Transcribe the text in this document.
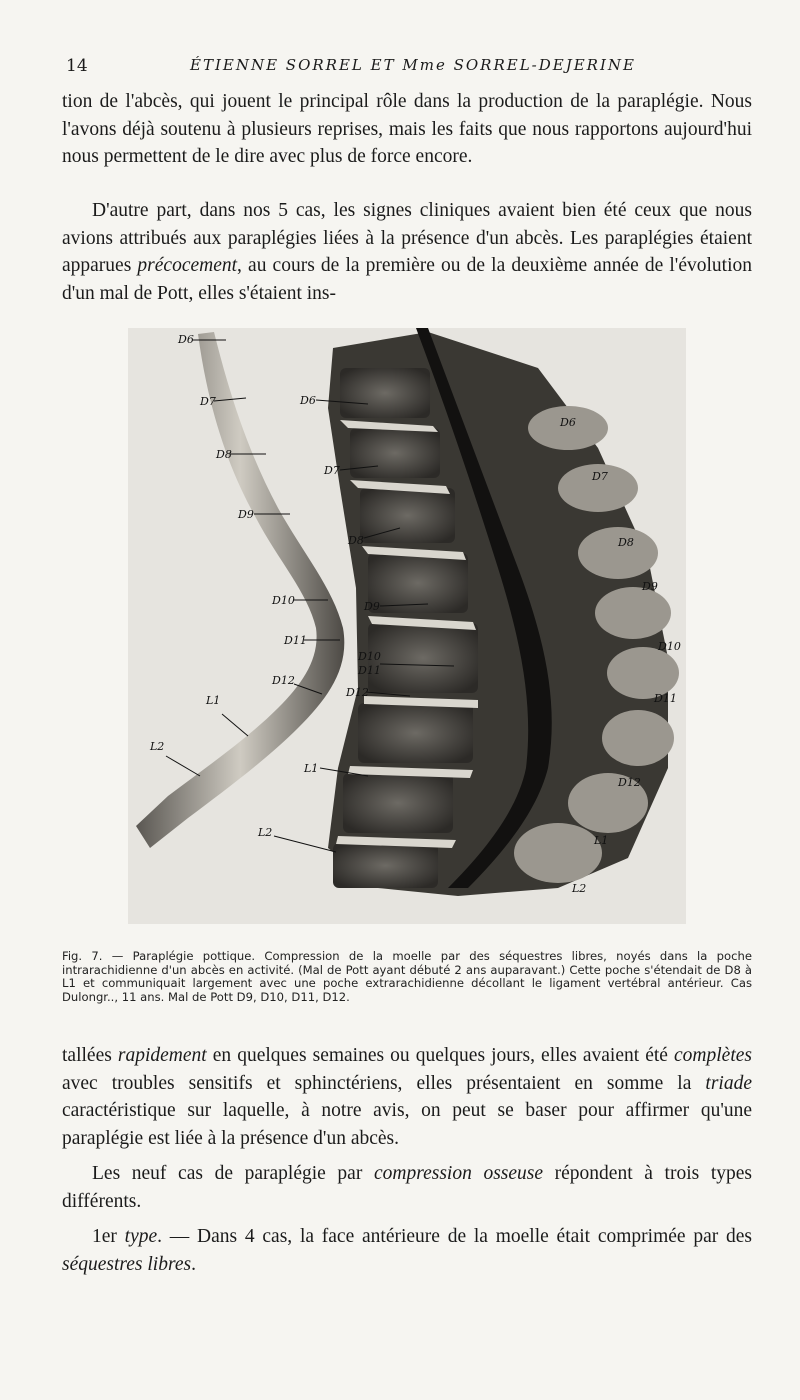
14	ÉTIENNE SORREL ET Mme SORREL-DEJERINE

tion de l'abcès, qui jouent le principal rôle dans la production de la paraplégie. Nous l'avons déjà soutenu à plusieurs reprises, mais les faits que nous rapportons aujourd'hui nous permettent de le dire avec plus de force encore.

D'autre part, dans nos 5 cas, les signes cliniques avaient bien été ceux que nous avions attribués aux paraplégies liées à la présence d'un abcès. Les paraplégies étaient apparues précocement, au cours de la première ou de la deuxième année de l'évolution d'un mal de Pott, elles s'étaient ins-

D6
D7
D8
D9
D10
D11
D12
L1
L2
D6
D7
D8
D9
D10
D11
D12
L1
L2
D6
D7
D8
D9
D10
D11
D12
L1
L2

Fig. 7. — Paraplégie pottique. Compression de la moelle par des séquestres libres, noyés dans la poche intrarachidienne d'un abcès en activité. (Mal de Pott ayant débuté 2 ans auparavant.) Cette poche s'étendait de D8 à L1 et communiquait largement avec une poche extrarachidienne décollant le ligament vertébral antérieur. Cas Dulongr.., 11 ans. Mal de Pott D9, D10, D11, D12.

tallées rapidement en quelques semaines ou quelques jours, elles avaient été complètes avec troubles sensitifs et sphinctériens, elles présentaient en somme la triade caractéristique sur laquelle, à notre avis, on peut se baser pour affirmer qu'une paraplégie est liée à la présence d'un abcès.

Les neuf cas de paraplégie par compression osseuse répondent à trois types différents.

1er type. — Dans 4 cas, la face antérieure de la moelle était comprimée par des séquestres libres.
